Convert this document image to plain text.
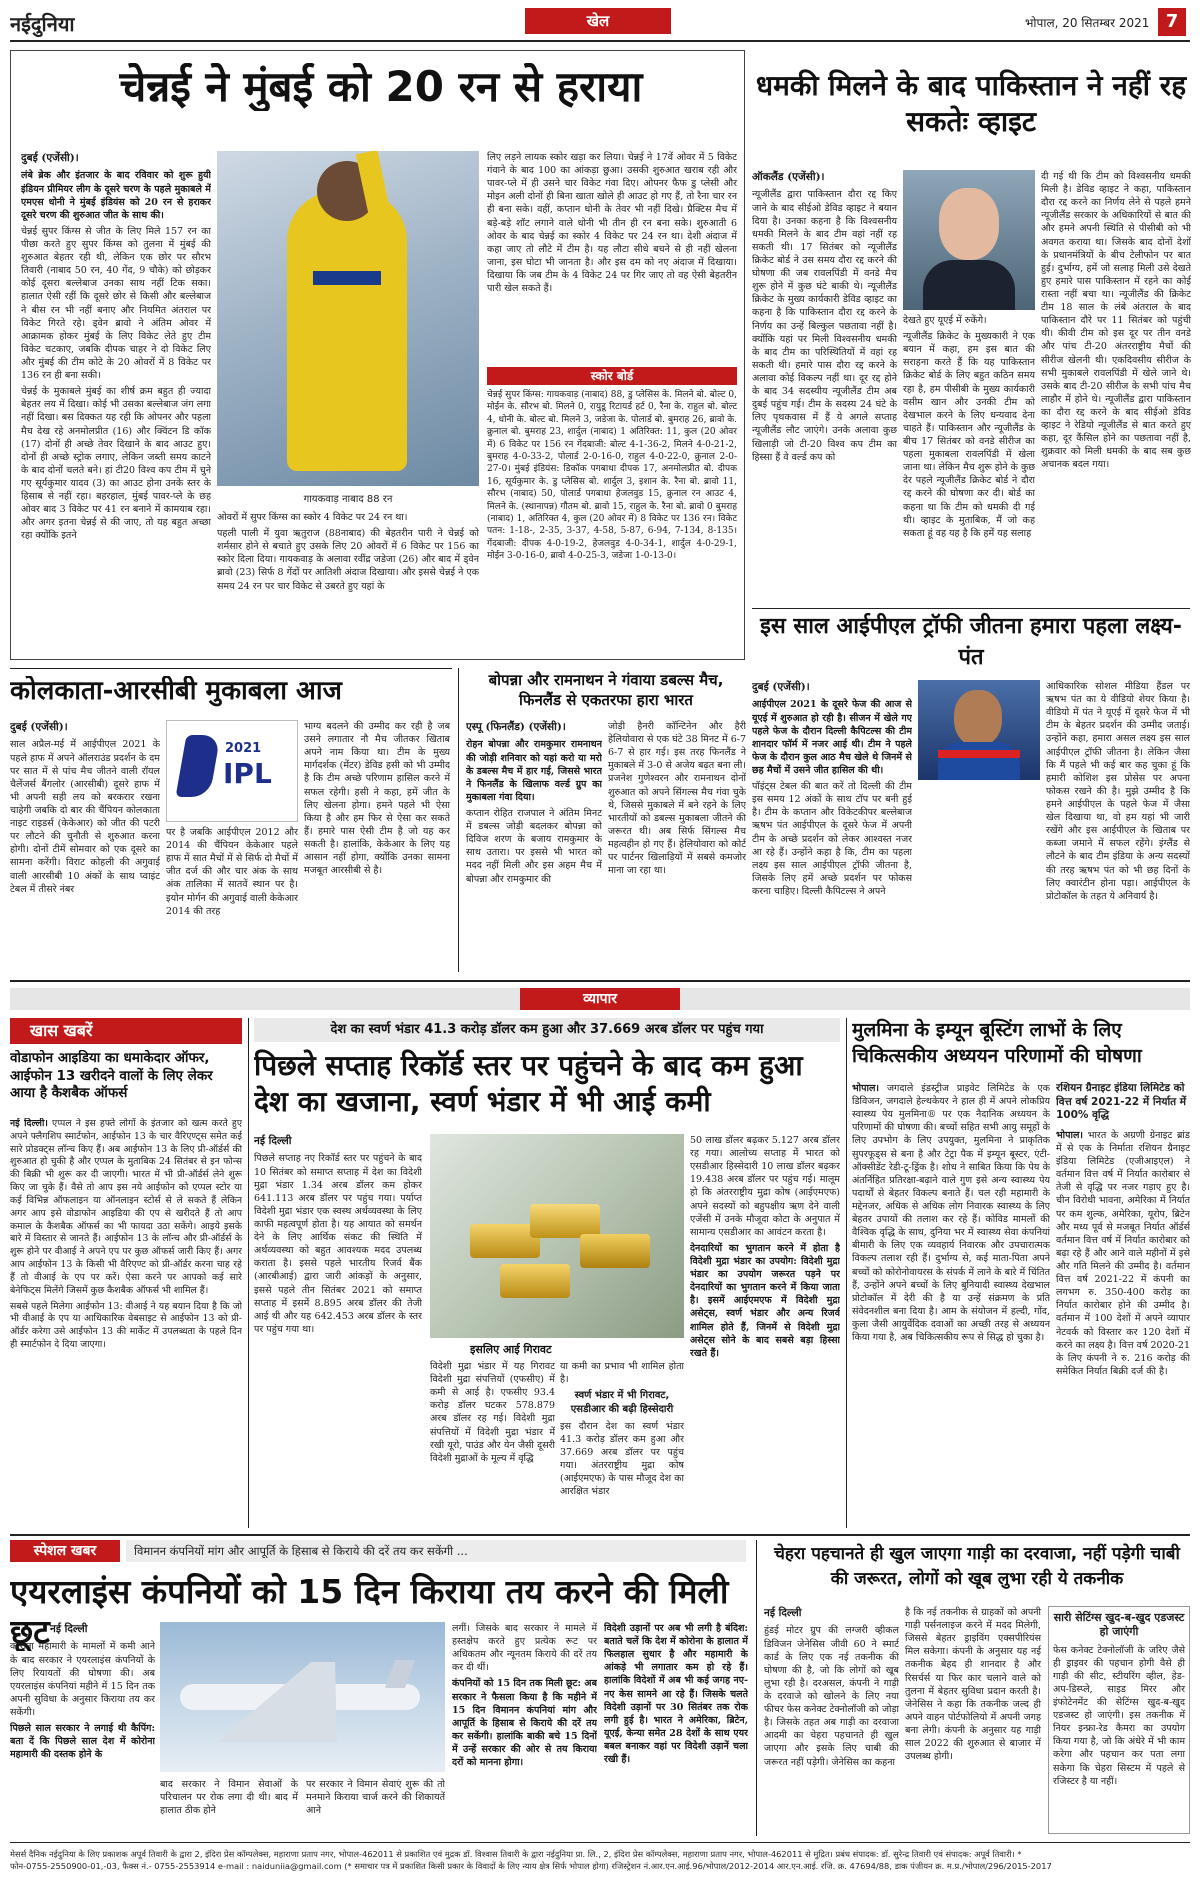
नईदुनिया	खेल	भोपाल, 20 सितम्बर 2021 7
चेन्नई ने मुंबई को 20 रन से हराया
दुबई (एजेंसी)।

लंबे ब्रेक और इंतजार के बाद रविवार को शुरू हुयी इंडियन प्रीमियर लीग के दूसरे चरण के पहले मुकाबले में एमएस धोनी ने मुंबई इंडियंस को 20 रन से हराकर दूसरे चरण की शुरुआत जीत के साथ की।

चेन्नई सुपर किंग्स से जीत के लिए मिले 157 रन का पीछा करते हुए सुपर किंग्स को तुलना में मुंबई की शुरुआत बेहतर रही थी, लेकिन एक छोर पर सौरभ तिवारी (नाबाद 50 रन, 40 गेंद, 9 चौके) को छोड़कर कोई दूसरा बल्लेबाज उनका साथ नहीं टिक सका। हालात ऐसी रहीं कि दूसरे छोर से किसी और बल्लेबाज ने बीस रन भी नहीं बनाए और नियमित अंतराल पर विकेट गिरते रहे। ड्वेन ब्रावो ने अंतिम ओवर में आक्रामक होकर मुंबई के लिए विकेट लेते हुए टीम विकेट चटकाए, जबकि दीपक चाहर ने दो विकेट लिए और मुंबई की टीम कोटे के 20 ओवरों में 8 विकेट पर 136 रन ही बना सकी।

चेन्नई के मुकाबले मुंबई का शीर्ष क्रम बहुत ही ज्यादा बेहतर लय में दिखा। कोई भी उसका बल्लेबाज जंग लगा नहीं दिखा। बस दिक्कत यह रही कि ओपनर और पहला मैच देख रहे अनमोलप्रीत (16) और क्विंटन डि कॉक (17) दोनों ही अच्छे तेवर दिखाने के बाद आउट हुए। दोनों ही अच्छे स्ट्रोक लगाए, लेकिन जब्ती समय काटने के बाद दोनों चलते बने। हां टी20 विश्व कप टीम में चुने गए सूर्यकुमार यादव (3) का आउट होना उनके स्तर के हिसाब से नहीं रहा। बहरहाल, मुंबई पावर-प्ले के छह ओवर बाद 3 विकेट पर 41 रन बनाने में कामयाब रहा। और अगर इतना चेन्नई से की जाए, तो यह बहुत अच्छा रहा क्योंकि इतने

गायकवाड़ नाबाद 88 रन

ओवरों में सुपर किंग्स का स्कोर 4 विकेट पर 24 रन था।

पहली पाली में युवा ऋतुराज (88नाबाद) की बेहतरीन पारी ने चेन्नई को शर्मसार होने से बचाते हुए उसके लिए 20 ओवरों में 6 विकेट पर 156 का स्कोर दिला दिया। गायकवाड़ के अलावा रवींद्र जडेजा (26) और बाद में ड्वेन ब्रावो (23) सिर्फ 8 गेंदों पर आतिशी अंदाज दिखाया। और इससे चेन्नई ने एक समय 24 रन पर चार विकेट से उबरते हुए यहां के

लिए लड़ने लायक स्कोर खड़ा कर लिया। चेन्नई ने 17वें ओवर में 5 विकेट गंवाने के बाद 100 का आंकड़ा छुआ। उसकी शुरुआत खराब रही और पावर-प्ले में ही उसने चार विकेट गंवा दिए। ओपनर फैफ डु प्लेसी और मोइन अली दोनों ही बिना खाता खोले ही आउट हो गए हैं, तो रैना चार रन ही बना सके। वहीं, कप्तान धोनी के तेवर भी नहीं दिखे। प्रैक्टिस मैच में बड़े-बड़े शॉट लगाने वाले धोनी भी तीन ही रन बना सके। शुरुआती 6 ओवर के बाद चेन्नई का स्कोर 4 विकेट पर 24 रन था। देशी अंदाज में कहा जाए तो लौटे में टीम है। यह लौटा सीधे बचने से ही नहीं खेलना जाना, इस घोटा भी जानता है। और इस दम को नए अंदाज में दिखाया। दिखाया कि जब टीम के 4 विकेट 24 पर गिर जाए तो वह ऐसी बेहतरीन पारी खेल सकते हैं।

स्कोर बोर्ड

चेन्नई सुपर किंग्स: गायकवाड़ (नाबाद) 88, डु प्लेसिस के. मिलने बो. बोल्ट 0, मोईन के. सौरभ बो. मिलने 0, रायुडू रिटायर्ड हर्ट 0, रैना के. राहुल बो. बोल्ट 4, धोनी के. बोल्ट बो. मिलने 3, जडेजा के. पोलार्ड बो. बुमराह 26, ब्रावो के. क्रुनाल बो. बुमराह 23, शार्दुल (नाबाद) 1 अतिरिक्त: 11, कुल (20 ओवर में) 6 विकेट पर 156 रन गेंदबाजी: बोल्ट 4-1-36-2, मिलने 4-0-21-2, बुमराह 4-0-33-2, पोलार्ड 2-0-16-0, राहुल 4-0-22-0, क्रुनाल 2-0-27-0। मुंबई इंडियंस: डिकॉक पगबाधा दीपक 17, अनमोलप्रीत बो. दीपक 16, सूर्यकुमार के. डु प्लेसिस बो. शार्दुल 3, इशान के. रैना बो. ब्रावो 11, सौरभ (नाबाद) 50, पोलार्ड पगबाधा हेजलवुड 15, क्रुनाल रन आउट 4, मिलने के. (स्थानापन्न) गौतम बो. ब्रावो 15, राहुल के. रैना बो. ब्रावो 0 बुमराह (नाबाद) 1, अतिरिक्त 4, कुल (20 ओवर में) 8 विकेट पर 136 रन। विकेट पतन: 1-18-, 2-35, 3-37, 4-58, 5-87, 6-94, 7-134, 8-135। गेंदबाजी: दीपक 4-0-19-2, हेजलवुड 4-0-34-1, शार्दुल 4-0-29-1, मोईन 3-0-16-0, ब्रावो 4-0-25-3, जडेजा 1-0-13-0।

धमकी मिलने के बाद पाकिस्तान ने नहीं रह सकतेः व्हाइट
ऑकलैंड (एजेंसी)।

न्यूजीलैंड द्वारा पाकिस्तान दौरा रद्द किए जाने के बाद सीईओ डेविड व्हाइट ने बयान दिया है। उनका कहना है कि विश्वसनीय धमकी मिलने के बाद टीम वहां नहीं रह सकती थी। 17 सितंबर को न्यूजीलैंड क्रिकेट बोर्ड ने उस समय दौरा रद्द करने की घोषणा की जब रावलपिंडी में वनडे मैच शुरू होने में कुछ घंटे बाकी थे। न्यूजीलैंड क्रिकेट के मुख्य कार्यकारी डेविड व्हाइट का कहना है कि पाकिस्तान दौरा रद्द करने के निर्णय का उन्हें बिल्कुल पछतावा नहीं है। क्योंकि यहां पर मिली विश्वसनीय धमकी के बाद टीम का परिस्थितियों में वहां रह सकती थी। हमारे पास दौरा रद्द करने के अलावा कोई विकल्प नहीं था। दूर रद्द होने के बाद 34 सदस्यीय न्यूजीलैंड टीम अब दुबई पहुंच गई। टीम के सदस्य 24 घंटे के लिए पृथकवास में हैं ये अगले सप्ताह न्यूजीलैंड लौट जाएंगे। उनके अलावा कुछ खिलाड़ी जो टी-20 विश्व कप टीम का हिस्सा हैं वे वर्ल्ड कप को

देखते हुए यूएई में रुकेंगे।

न्यूजीलैंड क्रिकेट के मुख्यकारी ने एक बयान में कहा, हम इस बात की सराहना करते हैं कि यह पाकिस्तान क्रिकेट बोर्ड के लिए बहुत कठिन समय रहा है, हम पीसीबी के मुख्य कार्यकारी वसीम खान और उनकी टीम को देखभाल करने के लिए धन्यवाद देना चाहते हैं। पाकिस्तान और न्यूजीलैंड के बीच 17 सितंबर को वनडे सीरीज का पहला मुकाबला रावलपिंडी में खेला जाना था। लेकिन मैच शुरू होने के कुछ देर पहले न्यूजीलैंड क्रिकेट बोर्ड ने दौरा रद्द करने की घोषणा कर दी। बोर्ड का कहना था कि टीम को धमकी दी गई थी। व्हाइट के मुताबिक, मैं जो कह सकता हूं वह यह है कि हमें यह सलाह

दी गई थी कि टीम को विश्वसनीय धमकी मिली है। डेविड व्हाइट ने कहा, पाकिस्तान दौरा रद्द करने का निर्णय लेने से पहले हमने न्यूजीलैंड सरकार के अधिकारियों से बात की और हमने अपनी स्थिति से पीसीबी को भी अवगत कराया था। जिसके बाद दोनों देशों के प्रधानमंत्रियों के बीच टेलीफोन पर बात हुई। दुर्भाग्य, हमें जो सलाह मिली उसे देखते हुए हमारे पास पाकिस्तान में रहने का कोई रास्ता नहीं बचा था। न्यूजीलैंड की क्रिकेट टीम 18 साल के लंबे अंतराल के बाद पाकिस्तान दौरे पर 11 सितंबर को पहुंची थी। कीवी टीम को इस दूर पर तीन वनडे और पांच टी-20 अंतरराष्ट्रीय मैचों की सीरीज खेलनी थी। एकदिवसीय सीरीज के सभी मुकाबले रावलपिंडी में खेले जाने थे। उसके बाद टी-20 सीरीज के सभी पांच मैच लाहौर में होने थे। न्यूजीलैंड द्वारा पाकिस्तान का दौरा रद्द करने के बाद सीईओ डेविड व्हाइट ने रेडियो न्यूजीलैंड से बात करते हुए कहा, दूर कैंसिल होने का पछतावा नहीं है, शुक्रवार को मिली धमकी के बाद सब कुछ अचानक बदल गया।

इस साल आईपीएल ट्रॉफी जीतना हमारा पहला लक्ष्य-पंत
दुबई (एजेंसी)।

आईपीएल 2021 के दूसरे फेज की आज से यूएई में शुरुआत हो रही है। सीजन में खेले गए पहले फेज के दौरान दिल्ली कैपिटल्स की टीम शानदार फॉर्म में नजर आई थी। टीम ने पहले फेज के दौरान कुल आठ मैच खेले थे जिनमें से छह मैचों में उसने जीत हासिल की थी।

पॉइंट्स टेबल की बात करें तो दिल्ली की टीम इस समय 12 अंकों के साथ टॉप पर बनी हुई है। टीम के कप्तान और विकेटकीपर बल्लेबाज ऋषभ पंत आईपीएल के दूसरे फेज में अपनी टीम के अच्छे प्रदर्शन को लेकर आश्वस्त नजर आ रहे हैं। उन्होंने कहा है कि, टीम का पहला लक्ष्य इस साल आईपीएल ट्रॉफी जीतना है, जिसके लिए हमें अच्छे प्रदर्शन पर फोकस करना चाहिए। दिल्ली कैपिटल्स ने अपने

आधिकारिक सोशल मीडिया हैंडल पर ऋषभ पंत का ये वीडियो शेयर किया है। वीडियो में पंत ने यूएई में दूसरे फेज में भी टीम के बेहतर प्रदर्शन की उम्मीद जताई। उन्होंने कहा, हमारा असल लक्ष्य इस साल आईपीएल ट्रॉफी जीतना है। लेकिन जैसा कि मैं पहले भी कई बार कह चुका हूं कि हमारी कोशिश इस प्रोसेस पर अपना फोकस रखने की है। मुझे उम्मीद है कि हमने आईपीएल के पहले फेज में जैसा खेल दिखाया था, वो हम यहां भी जारी रखेंगे और इस आईपीएल के खिताब पर कब्जा जमाने में सफल रहेंगे। इंग्लैंड से लौटने के बाद टीम इंडिया के अन्य सदस्यों की तरह ऋषभ पंत को भी छह दिनों के लिए क्वारंटीन होना पड़ा। आईपीएल के प्रोटोकॉल के तहत ये अनिवार्य है।

कोलकाता-आरसीबी मुकाबला आज
दुबई (एजेंसी)।

साल अप्रैल-मई में आईपीएल 2021 के पहले हाफ में अपने ऑलराउंड प्रदर्शन के दम पर सात में से पांच मैच जीतने वाली रॉयल चैलेंजर्स बैंगलोर (आरसीबी) दूसरे हाफ में भी अपनी सही लय को बरकरार रखना चाहेगी जबकि दो बार की चैंपियन कोलकाता नाइट राइडर्स (केकेआर) को जीत की पटरी पर लौटने की चुनौती से शुरुआत करना होगी। दोनों टीमें सोमवार को एक दूसरे का सामना करेंगी। विराट कोहली की अगुवाई वाली आरसीबी 10 अंकों के साथ प्वाइंट टेबल में तीसरे नंबर

2021
IPL

पर है जबकि आईपीएल 2012 और 2014 की चैंपियन केकेआर पहले हाफ में सात मैचों में से सिर्फ दो मैचों में जीत दर्ज की और चार अंक के साथ अंक तालिका में सातवें स्थान पर है। इयोन मोर्गन की अगुवाई वाली केकेआर 2014 की तरह

भाग्य बदलने की उम्मीद कर रही है जब उसने लगातार नौ मैच जीतकर खिताब अपने नाम किया था। टीम के मुख्य मार्गदर्शक (मेंटर) डेविड हसी को भी उम्मीद है कि टीम अच्छे परिणाम हासिल करने में सफल रहेगी। हसी ने कहा, हमें जीत के लिए खेलना होगा। हमने पहले भी ऐसा किया है और हम फिर से ऐसा कर सकते हैं। हमारे पास ऐसी टीम है जो यह कर सकती है। हालांकि, केकेआर के लिए यह आसान नहीं होगा, क्योंकि उनका सामना मजबूत आरसीबी से है।

बोपन्ना और रामनाथन ने गंवाया डबल्स मैच, फिनलैंड से एकतरफा हारा भारत
एस्पू (फिनलैंड) (एजेंसी)।

रोहन बोपन्ना और रामकुमार रामनाथन की जोड़ी शनिवार को यहां करो या मरो के डबल्स मैच में हार गई, जिससे भारत ने फिनलैंड के खिलाफ वर्ल्ड ग्रुप का मुकाबला गंवा दिया।

कप्तान रोहित राजपाल ने अंतिम मिनट में डबल्स जोड़ी बदलकर बोपन्ना को दिविज शरण के बजाय रामकुमार के साथ उतारा। पर इससे भी भारत को मदद नहीं मिली और इस अहम मैच में बोपन्ना और रामकुमार की

जोड़ी हैनरी कॉन्टिनेन और हैरी हेलियोवारा से एक घंटे 38 मिनट में 6-7 6-7 से हार गई। इस तरह फिनलैंड ने मुकाबले में 3-0 से अजेय बढ़त बना ली। प्रजनेश गुणेश्वरन और रामनाथन दोनों शुरुआत को अपने सिंगल्स मैच गंवा चुके थे, जिससे मुकाबले में बने रहने के लिए भारतीयों को डबल्स मुकाबला जीतने की जरूरत थी। अब सिर्फ सिंगल्स मैच महत्वहीन हो गए हैं। हेलियोवारा को कोर्ट पर पार्टनर खिलाड़ियों में सबसे कमजोर माना जा रहा था।

व्यापार
खास खबरें
वोडाफोन आइडिया का धमाकेदार ऑफर, आईफोन 13 खरीदने वालों के लिए लेकर आया है कैशबैक ऑफर्स

नई दिल्ली। एप्पल ने इस हफ्ते लोगों के इंतजार को खत्म करते हुए अपने फ्लैगशिप स्मार्टफोन, आईफोन 13 के चार वैरिएण्ट्स समेत कई सारे प्रोडक्ट्स लॉन्च किए हैं। अब आईफोन 13 के लिए प्री-ऑर्डर्स की शुरुआत हो चुकी है और एप्पल के मुताबिक 24 सितंबर से इन फोन्स की बिक्री भी शुरू कर दी जाएगी। भारत में भी प्री-ऑर्डर्स लेने शुरू किए जा चुके हैं। वैसे तो आप इस नये आईफोन को एप्पल स्टोर या कई विभिन्न ऑफलाइन या ऑनलाइन स्टोर्स से ले सकते हैं लेकिन अगर आप इसे वोडाफोन आइडिया की एप से खरीदते हैं तो आप कमाल के कैशबैक ऑफर्स का भी फायदा उठा सकेंगे। आइये इसके बारे में विस्तार से जानते हैं। आईफोन 13 के लॉन्च और प्री-ऑर्डर्स के शुरू होने पर वीआई ने अपने एप पर कुछ ऑफर्स जारी किए हैं। अगर आप आईफोन 13 के किसी भी वैरिएण्ट को प्री-ऑर्डर करना चाह रहे हैं तो वीआई के एप पर करें। ऐसा करने पर आपको कई सारे बेनेफिट्स मिलेंगे जिसमें कुछ कैशबैक ऑफर्स भी शामिल हैं।

सबसे पहले मिलेगा आईफोन 13: वीआई ने यह बयान दिया है कि जो भी वीआई के एप या आधिकारिक वेबसाइट से आईफोन 13 को प्री-ऑर्डर करेगा उसे आईफोन 13 की मार्केट में उपलब्धता के पहले दिन ही स्मार्टफोन दे दिया जाएगा।

देश का स्वर्ण भंडार 41.3 करोड़ डॉलर कम हुआ और 37.669 अरब डॉलर पर पहुंच गया
पिछले सप्ताह रिकॉर्ड स्तर पर पहुंचने के बाद कम हुआ देश का खजाना, स्वर्ण भंडार में भी आई कमी
नई दिल्ली

पिछले सप्ताह नए रिकॉर्ड स्तर पर पहुंचने के बाद 10 सितंबर को समाप्त सप्ताह में देश का विदेशी मुद्रा भंडार 1.34 अरब डॉलर कम होकर 641.113 अरब डॉलर पर पहुंच गया। पर्याप्त विदेशी मुद्रा भंडार एक स्वस्थ अर्थव्यवस्था के लिए काफी महत्वपूर्ण होता है। यह आयात को समर्थन देने के लिए आर्थिक संकट की स्थिति में अर्थव्यवस्था को बहुत आवश्यक मदद उपलब्ध कराता है। इससे पहले भारतीय रिजर्व बैंक (आरबीआई) द्वारा जारी आंकड़ों के अनुसार, इससे पहले तीन सितंबर 2021 को समाप्त सप्ताह में इसमें 8.895 अरब डॉलर की तेजी आई थी और यह 642.453 अरब डॉलर के स्तर पर पहुंच गया था।

इसलिए आई गिरावट

विदेशी मुद्रा भंडार में यह गिरावट विदेशी मुद्रा संपत्तियों (एफसीए) में कमी से आई है। एफसीए 93.4 करोड़ डॉलर घटकर 578.879 अरब डॉलर रह गई। विदेशी मुद्रा संपत्तियों में विदेशी मुद्रा भंडार में रखी यूरो, पाउंड और येन जैसी दूसरी विदेशी मुद्राओं के मूल्य में वृद्धि

या कमी का प्रभाव भी शामिल होता है।

स्वर्ण भंडार में भी गिरावट, एसडीआर की बढ़ी हिस्सेदारी

इस दौरान देश का स्वर्ण भंडार 41.3 करोड़ डॉलर कम हुआ और 37.669 अरब डॉलर पर पहुंच गया। अंतरराष्ट्रीय मुद्रा कोष (आईएमएफ) के पास मौजूद देश का आरक्षित भंडार

50 लाख डॉलर बढ़कर 5.127 अरब डॉलर रह गया। आलोच्य सप्ताह में भारत को एसडीआर हिस्सेदारी 10 लाख डॉलर बढ़कर 19.438 अरब डॉलर पर पहुंच गई। मालूम हो कि अंतरराष्ट्रीय मुद्रा कोष (आईएमएफ) अपने सदस्यों को बहुपक्षीय ऋण देने वाली एजेंसी में उनके मौजूदा कोटा के अनुपात में सामान्य एसडीआर का आवंटन करता है।

देनदारियों का भुगतान करने में होता है विदेशी मुद्रा भंडार का उपयोग: विदेशी मुद्रा भंडार का उपयोग जरूरत पड़ने पर देनदारियों का भुगतान करने में किया जाता है। इसमें आईएमएफ में विदेशी मुद्रा असेट्स, स्वर्ण भंडार और अन्य रिजर्व शामिल होते हैं, जिनमें से विदेशी मुद्रा असेट्स सोने के बाद सबसे बड़ा हिस्सा रखते हैं।

मुलमिना के इम्यून बूस्टिंग लाभों के लिए चिकित्सकीय अध्ययन परिणामों की घोषणा

भोपाल। जगदाले इंडस्ट्रीज प्राइवेट लिमिटेड के एक डिविजन, जगदाले हेल्थकेयर ने हाल ही में अपने लोकप्रिय स्वास्थ्य पेय मुलमिना® पर एक नैदानिक अध्ययन के परिणामों की घोषणा की। बच्चों सहित सभी आयु समूहों के लिए उपभोग के लिए उपयुक्त, मुलमिना ने प्राकृतिक सुपरफूड्स से बना है और टेट्रा पैक में इम्यून बूस्टर, एंटी-ऑक्सीडेंट रेडी-टू-ड्रिंक है। शोध ने साबित किया कि पेय के अंतर्निहित प्रतिरक्षा-बढ़ाने वाले गुण इसे अन्य स्वास्थ्य पेय पदार्थों से बेहतर विकल्प बनाते हैं। चल रही महामारी के मद्देनजर, अधिक से अधिक लोग निवारक स्वास्थ्य के लिए बेहतर उपायों की तलाश कर रहे हैं। कोविड मामलों की वैश्विक वृद्धि के साथ, दुनिया भर में स्वास्थ्य सेवा कंपनियां बीमारी के लिए एक व्यवहार्य निवारक और उपचारात्मक विकल्प तलाश रही हैं। दुर्भाग्य से, कई माता-पिता अपने बच्चों को कोरोनोवायरस के संपर्क में लाने के बारे में चिंतित हैं, उन्होंने अपने बच्चों के लिए बुनियादी स्वास्थ्य देखभाल प्रोटोकॉल में देरी की है या उन्हें संक्रमण के प्रति संवेदनशील बना दिया है। आम के संयोजन में हल्दी, गोंद, कुला जैसी आयुर्वेदिक दवाओं का अच्छी तरह से अध्ययन किया गया है, अब चिकित्सकीय रूप से सिद्ध हो चुका है।

रशियन ग्रैनाइट इंडिया लिमिटेड को वित्त वर्ष 2021-22 में निर्यात में 100% वृद्धि

भोपाल। भारत के अग्रणी ग्रेनाइट ब्रांड में से एक के निर्माता रशियन ग्रैनाइट इंडिया लिमिटेड (एजीआइएल) ने वर्तमान वित्त वर्ष में निर्यात कारोबार से तेजी से वृद्धि पर नजर गड़ाए हुए है। चीन विरोधी भावना, अमेरिका में निर्यात पर कम शुल्क, अमेरिका, यूरोप, ब्रिटेन और मध्य पूर्व से मजबूत निर्यात ऑर्डर्स वर्तमान वित्त वर्ष में निर्यात कारोबार को बढ़ा रहे हैं और आने वाले महीनों में इसे और गति मिलने की उम्मीद है। वर्तमान वित्त वर्ष 2021-22 में कंपनी का लगभग रु. 350-400 करोड़ का निर्यात कारोबार होने की उम्मीद है। वर्तमान में 100 देशों में अपने व्यापार नेटवर्क को विस्तार कर 120 देशों में करने का लक्ष्य है। वित्त वर्ष 2020-21 के लिए कंपनी ने रु. 216 करोड़ की समेकित निर्यात बिक्री दर्ज की है।

स्पेशल खबर	विमानन कंपनियों मांग और आपूर्ति के हिसाब से किराये की दरें तय कर सकेंगी ...
एयरलाइंस कंपनियों को 15 दिन किराया तय करने की मिली छूट नई दिल्ली

कोरोना महामारी के मामलों में कमी आने के बाद सरकार ने एयरलाइंस कंपनियों के लिए रियायतों की घोषणा की। अब एयरलाइंस कंपनियां महीने में 15 दिन तक अपनी सुविधा के अनुसार किराया तय कर सकेंगी।

पिछले साल सरकार ने लगाई थी कैपिंग: बता दें कि पिछले साल देश में कोरोना महामारी की दस्तक होने के

बाद सरकार ने विमान सेवाओं के परिचालन पर रोक लगा दी थी। बाद में हालात ठीक होने

पर सरकार ने विमान सेवाएं शुरू की तो मनमाने किराया चार्ज करने की शिकायतें आने

लगीं। जिसके बाद सरकार ने मामले में हस्तक्षेप करते हुए प्रत्येक रूट पर अधिकतम और न्यूनतम किराये की दरें तय कर दी थीं।

कंपनियों को 15 दिन तक मिली छूट: अब सरकार ने फैसला किया है कि महीने में 15 दिन विमानन कंपनियां मांग और आपूर्ति के हिसाब से किराये की दरें तय कर सकेंगी। हालांकि बाकी बचे 15 दिनों में उन्हें सरकार की ओर से तय किराया दरों को मानना होगा।

विदेशी उड़ानों पर अब भी लगी है बंदिश: बताते चलें कि देश में कोरोना के हालात में फिलहाल सुधार है और महामारी के आंकड़े भी लगातार कम हो रहे हैं। हालांकि विदेशों में अब भी कई जगह नए-नए केस सामने आ रहे हैं। जिसके चलते विदेशी उड़ानों पर 30 सितंबर तक रोक लगी हुई है। भारत ने अमेरिका, ब्रिटेन, यूएई, केन्या समेत 28 देशों के साथ एयर बबल बनाकर वहां पर विदेशी उड़ानें चला रखी हैं।

चेहरा पहचानते ही खुल जाएगा गाड़ी का दरवाजा, नहीं पड़ेगी चाबी की जरूरत, लोगों को खूब लुभा रही ये तकनीक
नई दिल्ली

हुंडई मोटर ग्रुप की लग्जरी व्हीकल डिविजन जेनेसिस जीवी 60 ने स्मार्ट कार्ड के लिए एक नई तकनीक की घोषणा की है, जो कि लोगों को खूब लुभा रही है। दरअसल, कंपनी ने गाड़ी के दरवाजे को खोलने के लिए नया फीचर फेस कनेक्ट टेक्नोलॉजी को जोड़ा है। जिसके तहत अब गाड़ी का दरवाजा आदमी का चेहरा पहचानते ही खुल जाएगा और इसके लिए चाबी की जरूरत नहीं पड़ेगी। जेनेसिस का कहना

है कि नई तकनीक से ग्राहकों को अपनी गाड़ी पर्सनलाइज करने में मदद मिलेगी, जिससे बेहतर ड्राइविंग एक्सपीरियंस मिल सकेगा। कंपनी के अनुसार यह नई तकनीक बेहद ही शानदार है और रिसर्चर्स या फिर कार चलाने वाले को तुलना में बेहतर सुविधा प्रदान करती है। जेनेसिस ने कहा कि तकनीक जल्द ही अपने वाहन पोर्टफोलियो में अपनी जगह बना लेगी। कंपनी के अनुसार यह गाड़ी साल 2022 की शुरुआत से बाजार में उपलब्ध होगी।

सारी सेटिंग्स खुद-ब-खुद एडजस्ट हो जाएंगी

फेस कनेक्ट टेक्नोलॉजी के जरिए जैसे ही ड्राइवर की पहचान होगी वैसे ही गाड़ी की सीट, स्टीयरिंग व्हील, हेड-अप-डिस्प्ले, साइड मिरर और इंफोटेनमेंट की सेटिंग्स खुद-ब-खुद एडजस्ट हो जाएंगी। इस तकनीक में नियर इन्फ्रा-रेड कैमरा का उपयोग किया गया है, जो कि अंधेरे में भी काम करेगा और पहचान कर पता लगा सकेगा कि चेहरा सिस्टम में पहले से रजिस्टर है या नहीं।

मेसर्स दैनिक नईदुनिया के लिए प्रकाशक अपूर्व तिवारी के द्वारा 2, इंदिरा प्रेस कॉम्पलेक्स, महाराणा प्रताप नगर, भोपाल-462011 से प्रकाशित एवं मुद्रक डॉ. विश्वास तिवारी के द्वारा नईदुनिया प्रा. लि., 2, इंदिरा प्रेस कॉम्पलेक्स, महाराणा प्रताप नगर, भोपाल-462011 से मुद्रित। प्रबंध संपादक: डॉ. सुरेन्द्र तिवारी एवं संपादक: अपूर्व तिवारी। *
फोन-0755-2550900-01,-03, फैक्स नं.- 0755-2553914 e-mail : naiduniia@gmail.com (* समाचार पत्र में प्रकाशित किसी प्रकार के विवादों के लिए न्याय क्षेत्र सिर्फ भोपाल होगा) रजिस्ट्रेशन नं.आर.एन.आई.96/भोपाल/2012-2014 आर.एन.आई. रजि. क्र. 47694/88, डाक पंजीयन क्र. म.प्र./भोपाल/296/2015-2017
